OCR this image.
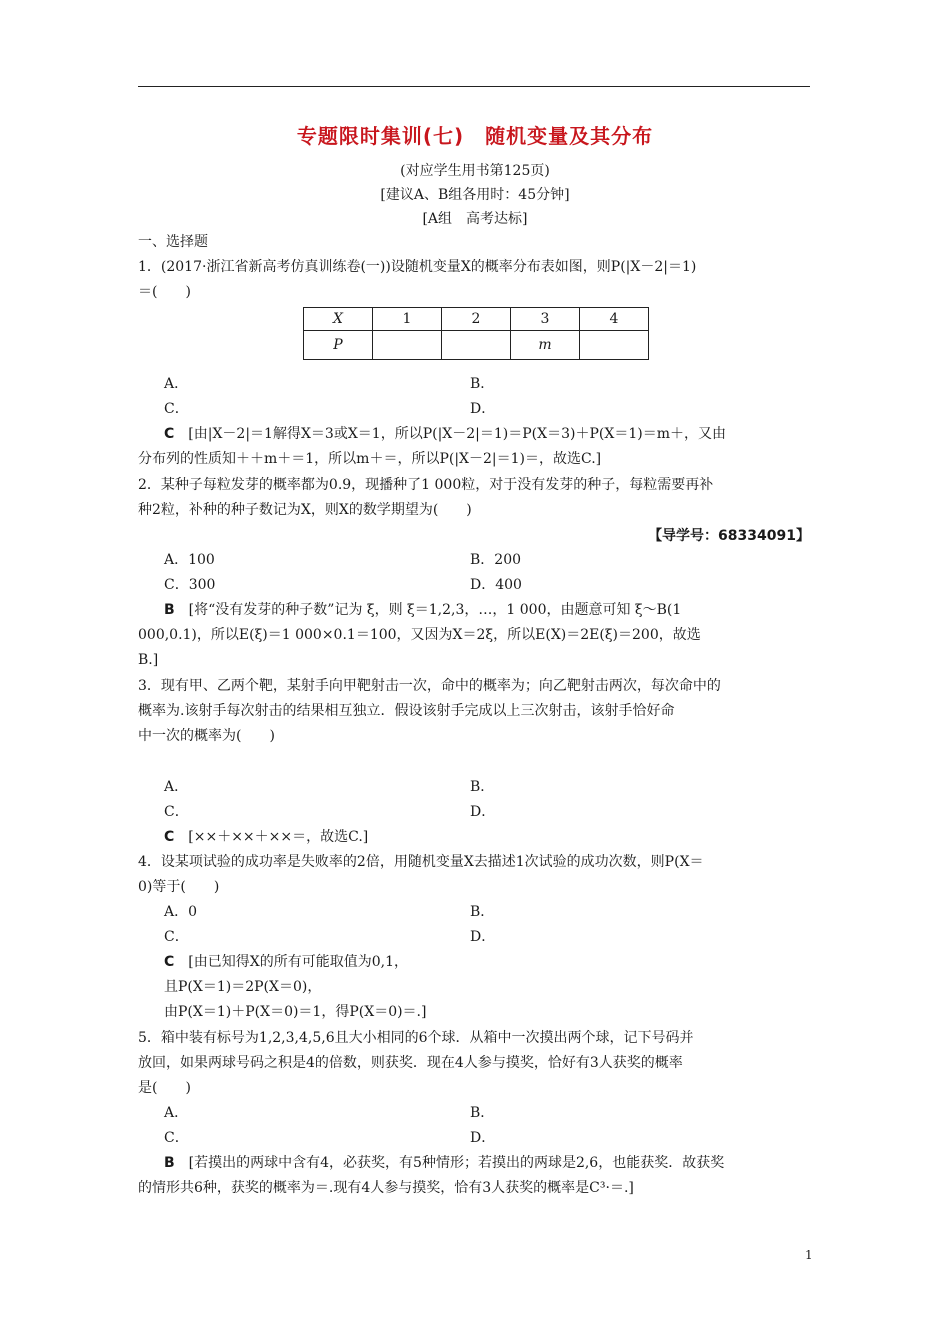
专题限时集训(七)　随机变量及其分布
(对应学生用书第125页)
[建议A、B组各用时：45分钟]
[A组　高考达标]
一、选择题
1．(2017·浙江省新高考仿真训练卷(一))设随机变量X的概率分布表如图，则P(|X－2|＝1)
＝(　　)
X	1	2	3	4
P			m	
A．	B．
C．	D．
C　 [由|X－2|＝1解得X＝3或X＝1，所以P(|X－2|＝1)＝P(X＝3)＋P(X＝1)＝m＋，又由
分布列的性质知＋＋m＋＝1，所以m＋＝，所以P(|X－2|＝1)＝，故选C.]
2．某种子每粒发芽的概率都为0.9，现播种了1 000粒，对于没有发芽的种子，每粒需要再补
种2粒，补种的种子数记为X，则X的数学期望为(　　)
【导学号：68334091】
A．100	B．200
C．300	D．400
B　 [将“没有发芽的种子数”记为 ξ，则 ξ＝1,2,3，…，1 000，由题意可知 ξ～B(1
000,0.1)，所以E(ξ)＝1 000×0.1＝100，又因为X＝2ξ，所以E(X)＝2E(ξ)＝200，故选
B.]
3．现有甲、乙两个靶，某射手向甲靶射击一次，命中的概率为；向乙靶射击两次，每次命中的
概率为.该射手每次射击的结果相互独立．假设该射手完成以上三次射击，该射手恰好命
中一次的概率为(　　)
A．	B．
C．	D．
C　 [××＋××＋××＝，故选C.]
4．设某项试验的成功率是失败率的2倍，用随机变量X去描述1次试验的成功次数，则P(X＝
0)等于(　　)
A．0	B．
C．	D．
C　 [由已知得X的所有可能取值为0,1，
且P(X＝1)＝2P(X＝0)，
由P(X＝1)＋P(X＝0)＝1，得P(X＝0)＝.]
5．箱中装有标号为1,2,3,4,5,6且大小相同的6个球．从箱中一次摸出两个球，记下号码并
放回，如果两球号码之积是4的倍数，则获奖．现在4人参与摸奖，恰好有3人获奖的概率
是(　　)
A．	B．
C．	D．
B　 [若摸出的两球中含有4，必获奖，有5种情形；若摸出的两球是2,6，也能获奖．故获奖
的情形共6种，获奖的概率为＝.现有4人参与摸奖，恰有3人获奖的概率是C³·＝.]
1
